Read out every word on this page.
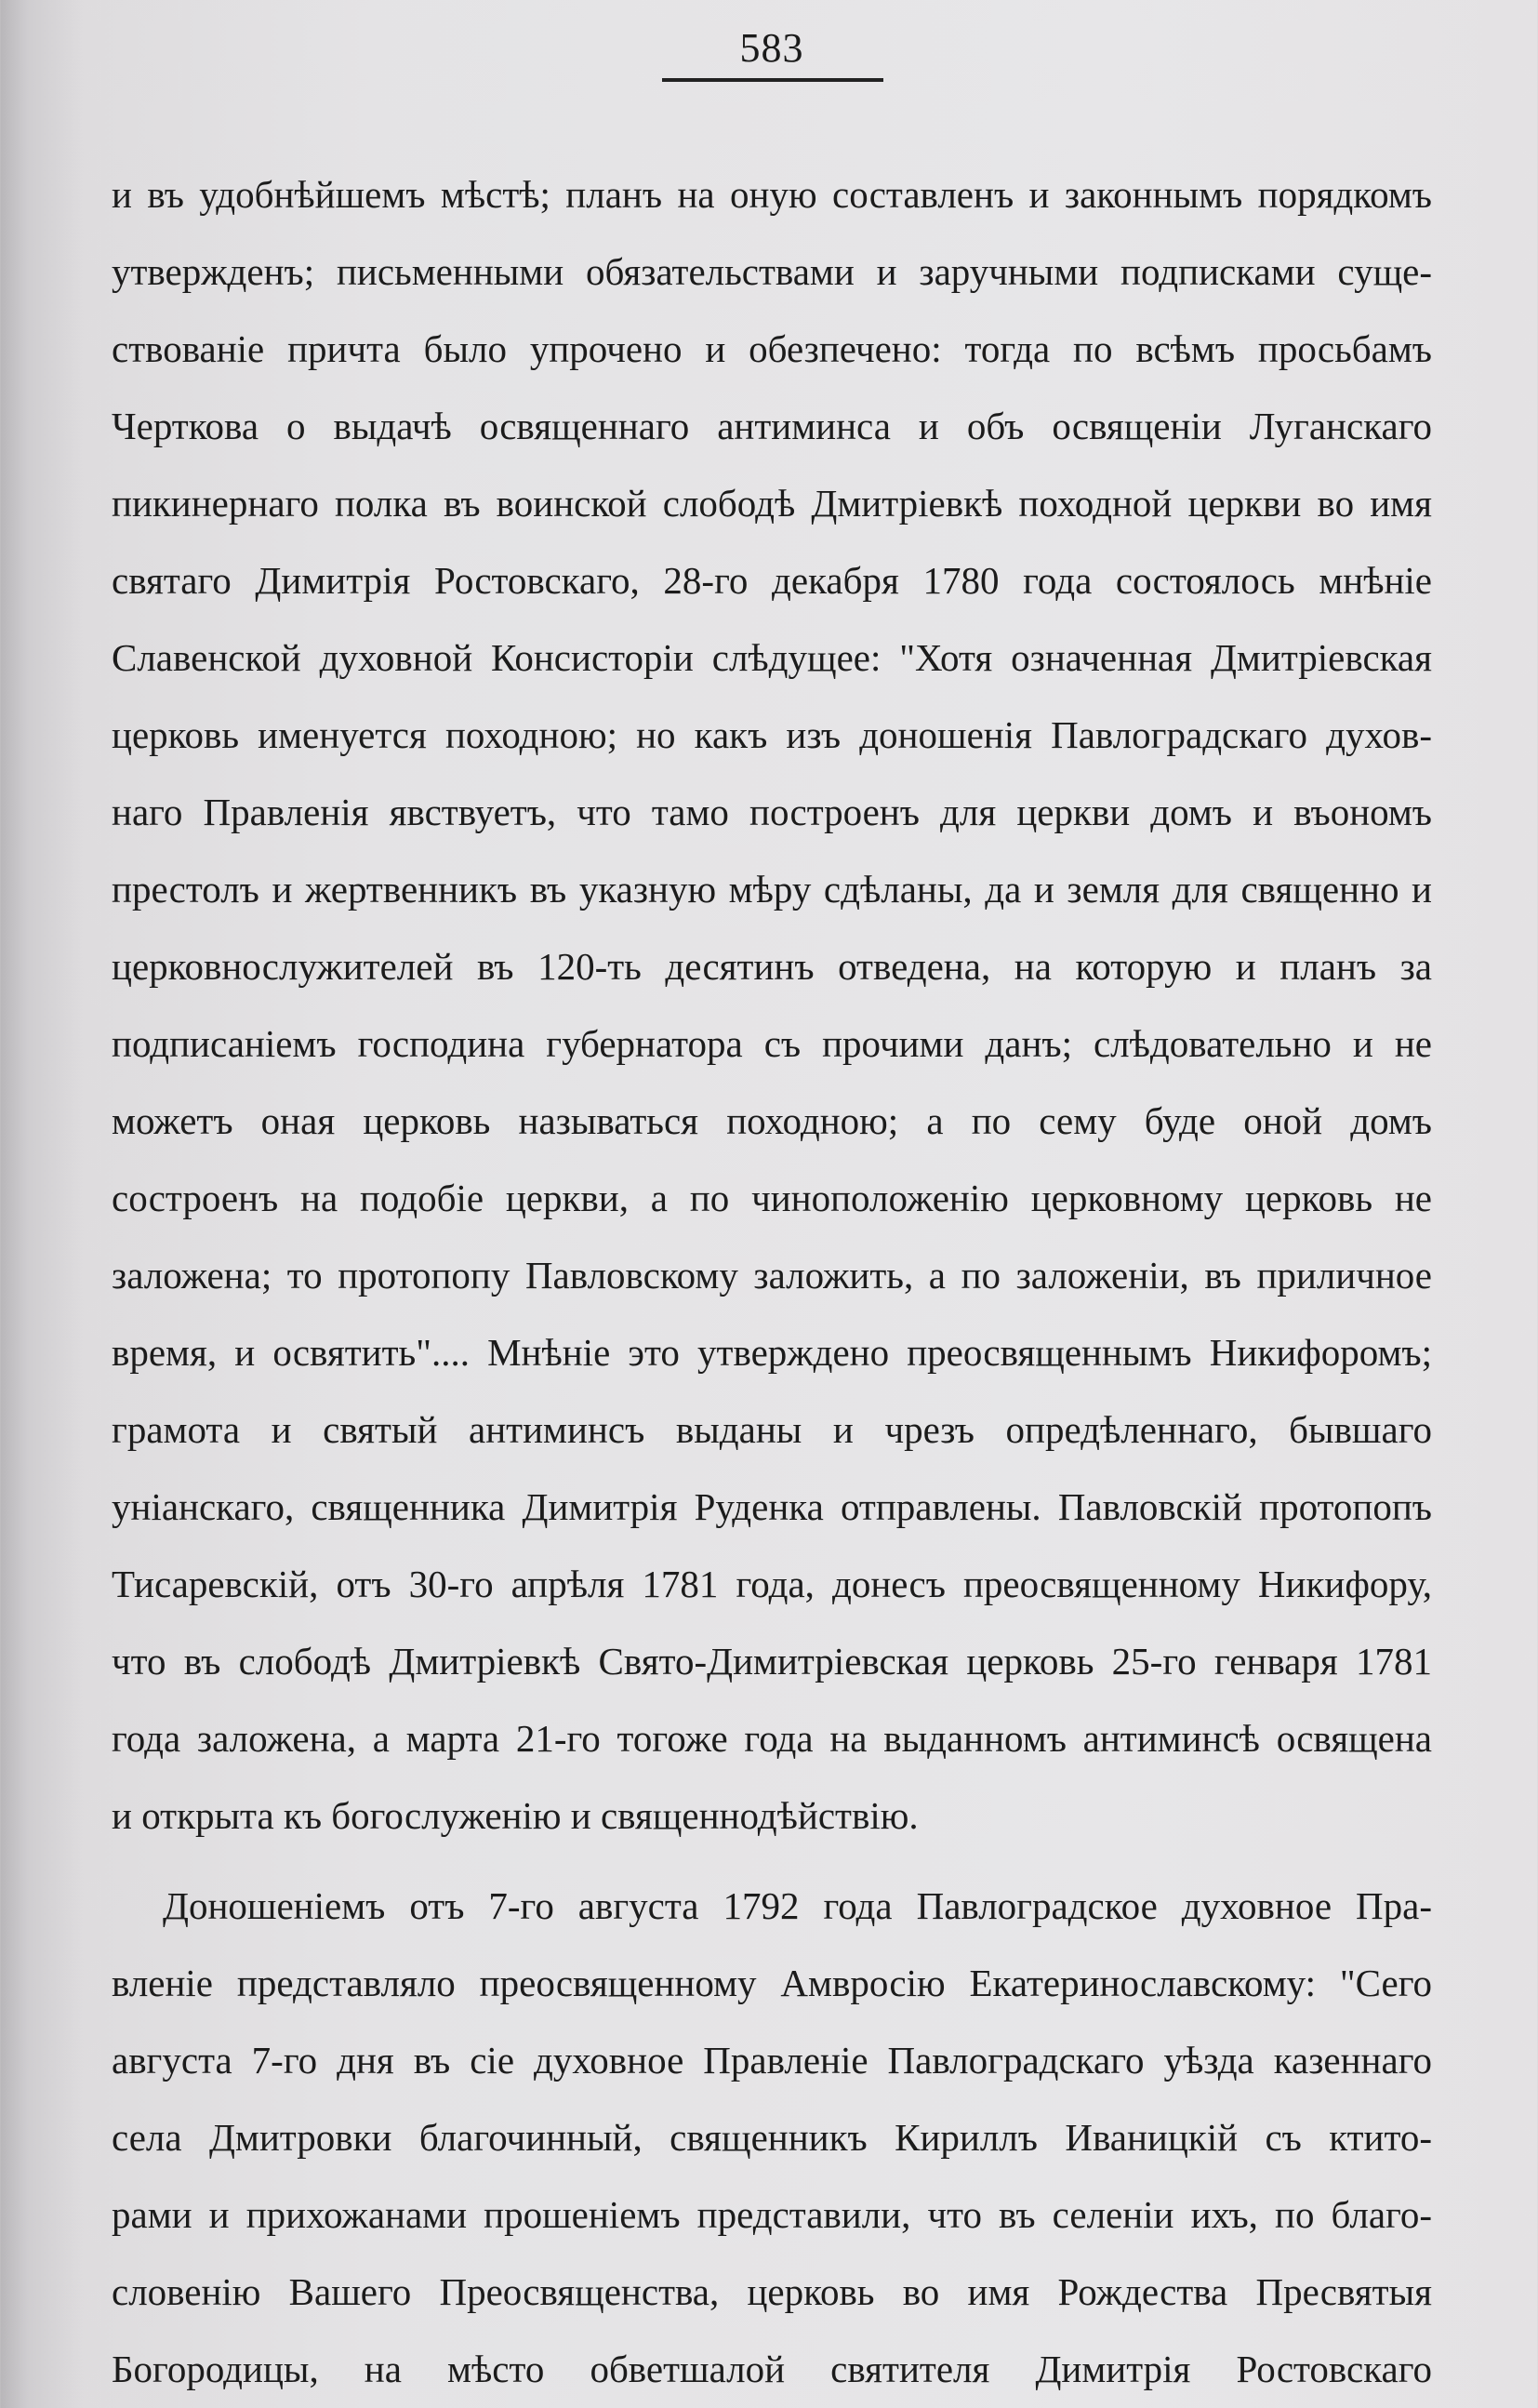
583
и въ удобнѣйшемъ мѣстѣ; планъ на оную составленъ и законнымъ порядкомъ
утвержденъ; письменными обязательствами и заручными подписками суще-
ствованіе причта было упрочено и обезпечено: тогда по всѣмъ просьбамъ
Черткова о выдачѣ освященнаго антиминса и объ освященіи Луганскаго
пикинернаго полка въ воинской слободѣ Дмитріевкѣ походной церкви во имя
святаго Димитрія Ростовскаго, 28-го декабря 1780 года состоялось мнѣніе
Славенской духовной Консисторіи слѣдущее: "Хотя означенная Дмитріевская
церковь именуется походною; но какъ изъ доношенія Павлоградскаго духов-
наго Правленія явствуетъ, что тамо построенъ для церкви домъ и въономъ
престолъ и жертвенникъ въ указную мѣру сдѣланы, да и земля для священно и
церковнослужителей въ 120-ть десятинъ отведена, на которую и планъ за
подписаніемъ господина губернатора съ прочими данъ; слѣдовательно и не
можетъ оная церковь называться походною; а по сему буде оной домъ
состроенъ на подобіе церкви, а по чиноположенію церковному церковь не
заложена; то протопопу Павловскому заложить, а по заложеніи, въ приличное
время, и освятить".... Мнѣніе это утверждено преосвященнымъ Никифоромъ;
грамота и святый антиминсъ выданы и чрезъ опредѣленнаго, бывшаго
уніанскаго, священника Димитрія Руденка отправлены. Павловскій протопопъ
Тисаревскій, отъ 30-го апрѣля 1781 года, донесъ преосвященному Никифору,
что въ слободѣ Дмитріевкѣ Свято-Димитріевская церковь 25-го генваря 1781
года заложена, а марта 21-го тогоже года на выданномъ антиминсѣ освящена
и открыта къ богослуженію и священнодѣйствію.
Доношеніемъ отъ 7-го августа 1792 года Павлоградское духовное Пра-
вленіе представляло преосвященному Амвросію Екатеринославскому: "Сего
августа 7-го дня въ сіе духовное Правленіе Павлоградскаго уѣзда казеннаго
села Дмитровки благочинный, священникъ Кириллъ Иваницкій съ ктито-
рами и прихожанами прошеніемъ представили, что въ селеніи ихъ, по благо-
словенію Вашего Преосвященства, церковь во имя Рождества Пресвятыя
Богородицы, на мѣсто обветшалой святителя Димитрія Ростовскаго
